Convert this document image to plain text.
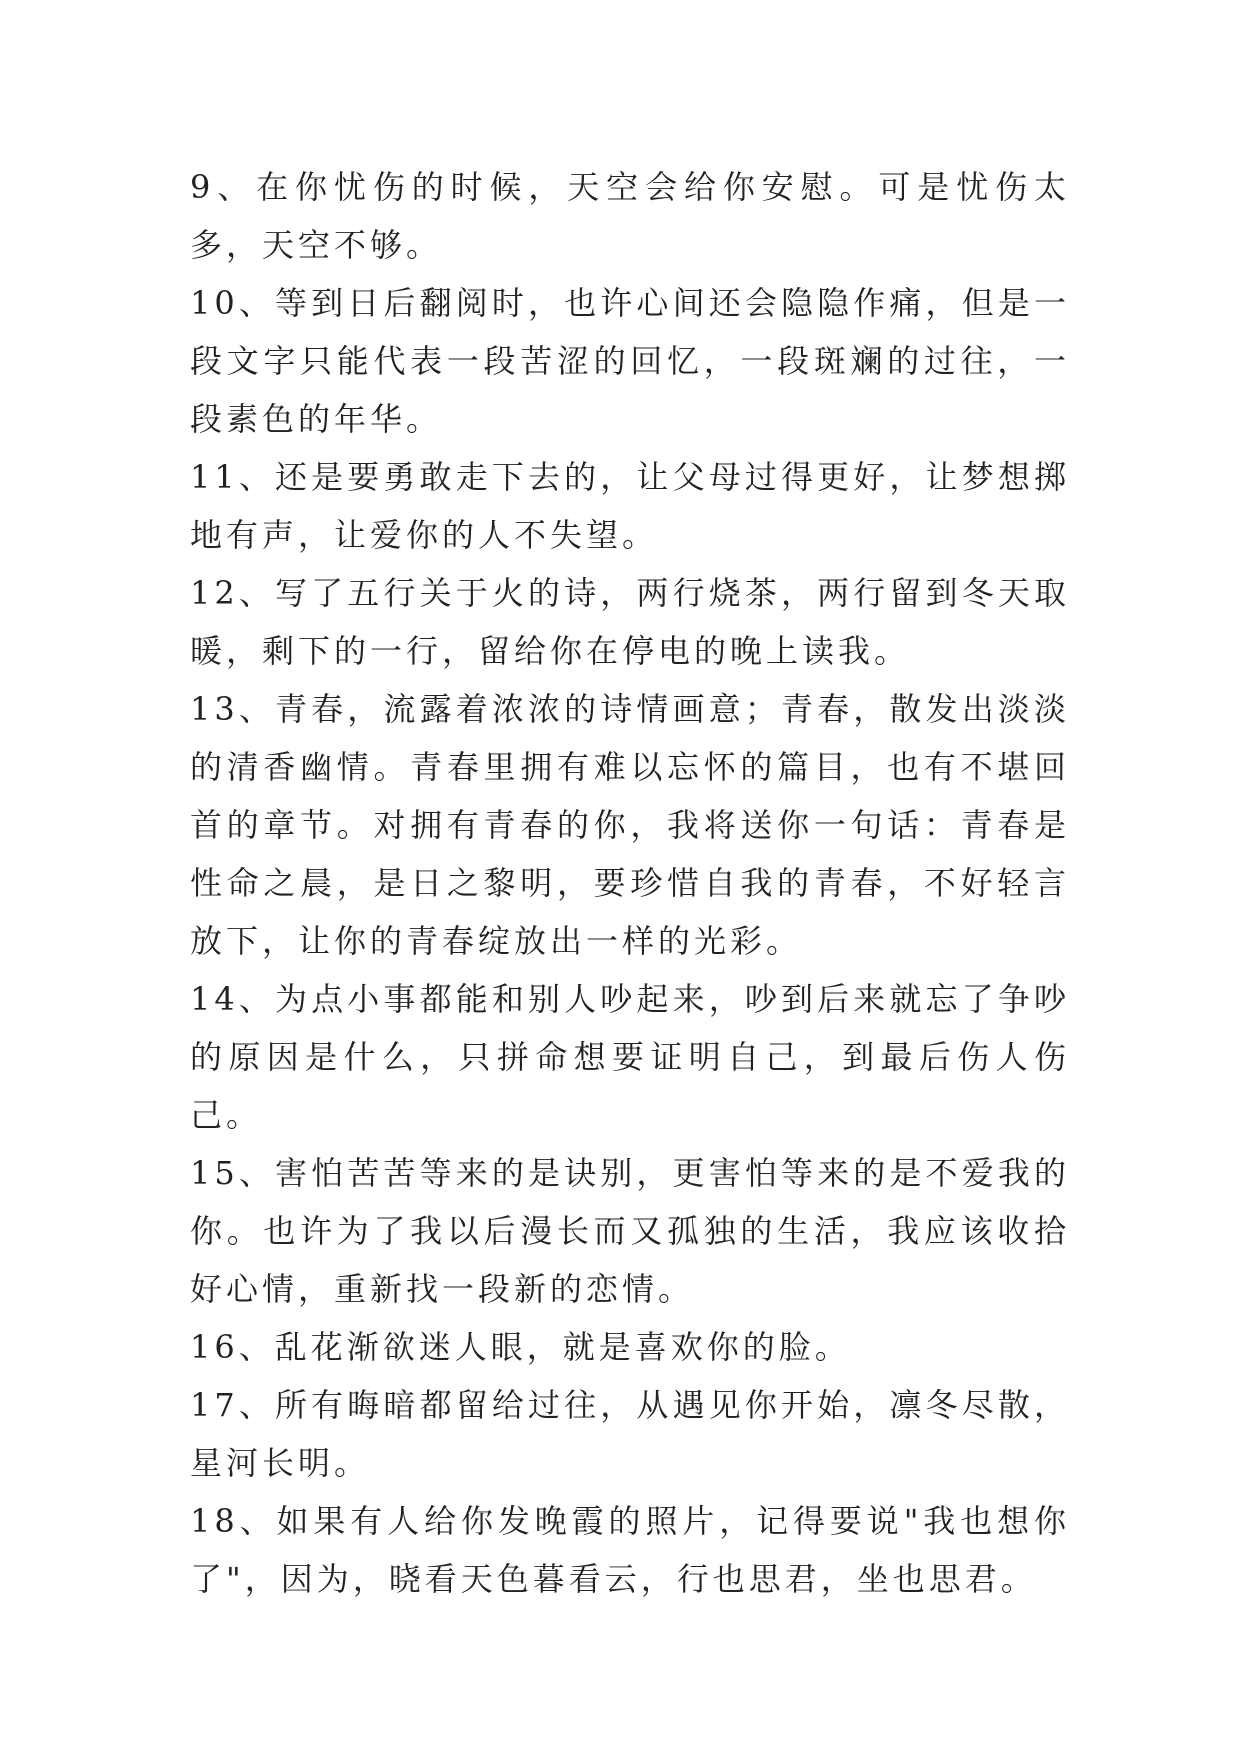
9、在你忧伤的时候，天空会给你安慰。可是忧伤太多，天空不够。

10、等到日后翻阅时，也许心间还会隐隐作痛，但是一段文字只能代表一段苦涩的回忆，一段斑斓的过往，一段素色的年华。

11、还是要勇敢走下去的，让父母过得更好，让梦想掷地有声，让爱你的人不失望。

12、写了五行关于火的诗，两行烧茶，两行留到冬天取暖，剩下的一行，留给你在停电的晚上读我。

13、青春，流露着浓浓的诗情画意；青春，散发出淡淡的清香幽情。青春里拥有难以忘怀的篇目，也有不堪回首的章节。对拥有青春的你，我将送你一句话：青春是性命之晨，是日之黎明，要珍惜自我的青春，不好轻言放下，让你的青春绽放出一样的光彩。

14、为点小事都能和别人吵起来，吵到后来就忘了争吵的原因是什么，只拼命想要证明自己，到最后伤人伤己。

15、害怕苦苦等来的是诀别，更害怕等来的是不爱我的你。也许为了我以后漫长而又孤独的生活，我应该收拾好心情，重新找一段新的恋情。

16、乱花渐欲迷人眼，就是喜欢你的脸。

17、所有晦暗都留给过往，从遇见你开始，凛冬尽散，星河长明。

18、如果有人给你发晚霞的照片，记得要说"我也想你了"，因为，晓看天色暮看云，行也思君，坐也思君。
